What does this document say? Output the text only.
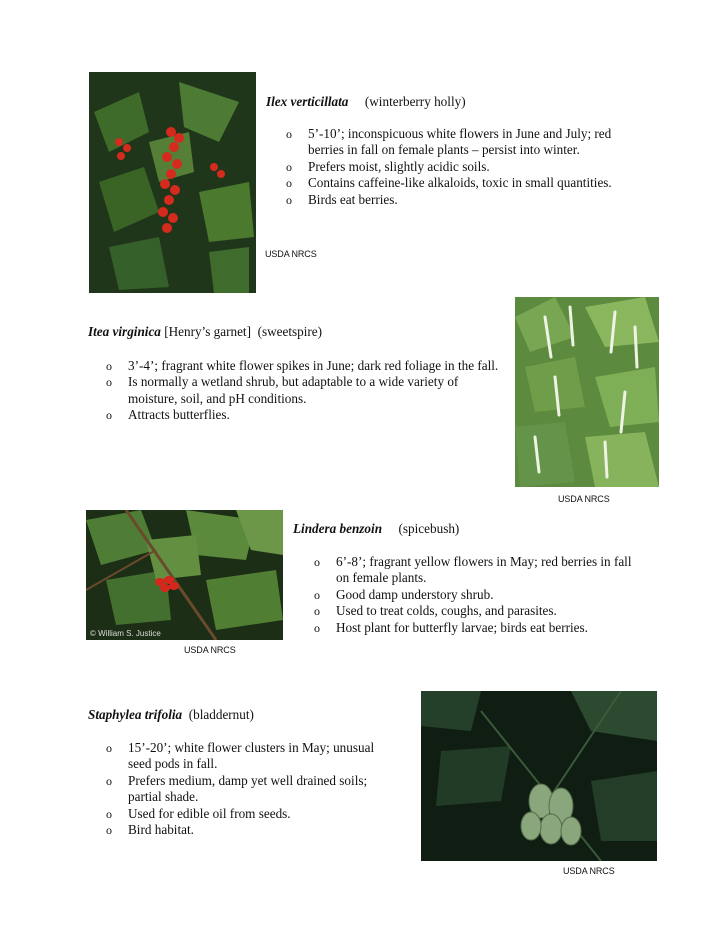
Ilex verticillata (winterberry holly)
o 5’-10’; inconspicuous white flowers in June and July; red berries in fall on female plants – persist into winter.
o Prefers moist, slightly acidic soils.
o Contains caffeine-like alkaloids, toxic in small quantities.
o Birds eat berries.
USDA NRCS
Itea virginica [Henry’s garnet] (sweetspire)
o 3’-4’; fragrant white flower spikes in June; dark red foliage in the fall.
o Is normally a wetland shrub, but adaptable to a wide variety of moisture, soil, and pH conditions.
o Attracts butterflies.
USDA NRCS
© William S. Justice
Lindera benzoin (spicebush)
o 6’-8’; fragrant yellow flowers in May; red berries in fall on female plants.
o Good damp understory shrub.
o Used to treat colds, coughs, and parasites.
o Host plant for butterfly larvae; birds eat berries.
USDA NRCS
Staphylea trifolia (bladdernut)
o 15’-20’; white flower clusters in May; unusual seed pods in fall.
o Prefers medium, damp yet well drained soils; partial shade.
o Used for edible oil from seeds.
o Bird habitat.
USDA NRCS
